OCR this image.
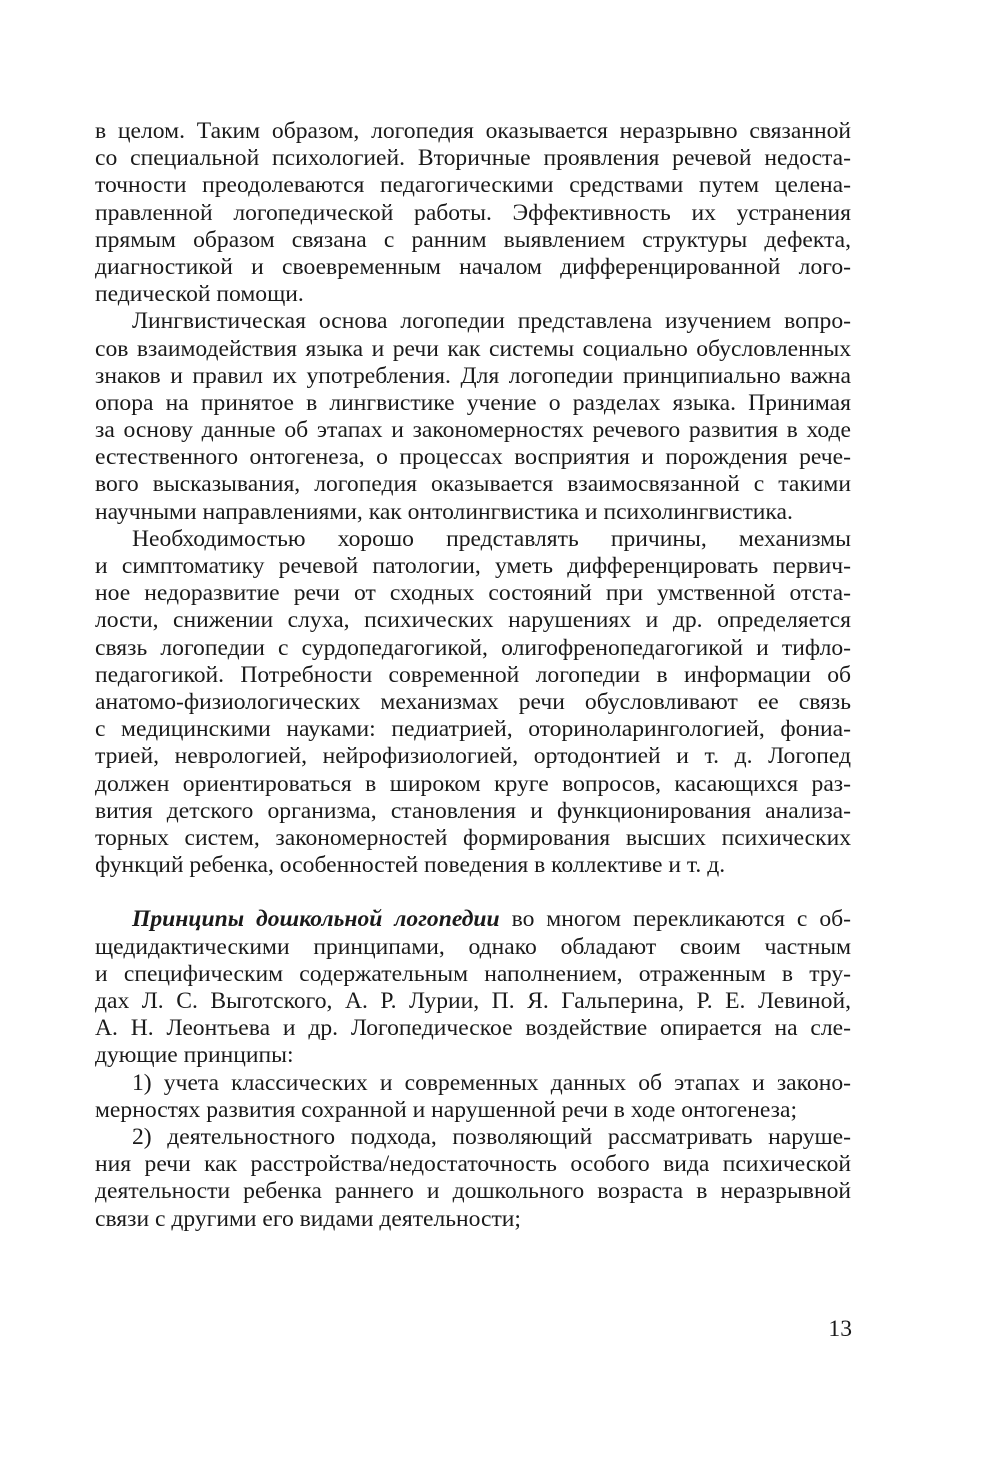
в целом. Таким образом, логопедия оказывается неразрывно связанной
со специальной психологией. Вторичные проявления речевой недоста-
точности преодолеваются педагогическими средствами путем целена-
правленной логопедической работы. Эффективность их устранения
прямым образом связана с ранним выявлением структуры дефекта,
диагностикой и своевременным началом дифференцированной лого-
педической помощи.
Лингвистическая основа логопедии представлена изучением вопро-
сов взаимодействия языка и речи как системы социально обусловленных
знаков и правил их употребления. Для логопедии принципиально важна
опора на принятое в лингвистике учение о разделах языка. Принимая
за основу данные об этапах и закономерностях речевого развития в ходе
естественного онтогенеза, о процессах восприятия и порождения рече-
вого высказывания, логопедия оказывается взаимосвязанной с такими
научными направлениями, как онтолингвистика и психолингвистика.
Необходимостью хорошо представлять причины, механизмы
и симптоматику речевой патологии, уметь дифференцировать первич-
ное недоразвитие речи от сходных состояний при умственной отста-
лости, снижении слуха, психических нарушениях и др. определяется
связь логопедии с сурдопедагогикой, олигофренопедагогикой и тифло-
педагогикой. Потребности современной логопедии в информации об
анатомо-физиологических механизмах речи обусловливают ее связь
с медицинскими науками: педиатрией, оториноларингологией, фониа-
трией, неврологией, нейрофизиологией, ортодонтией и т. д. Логопед
должен ориентироваться в широком круге вопросов, касающихся раз-
вития детского организма, становления и функционирования анализа-
торных систем, закономерностей формирования высших психических
функций ребенка, особенностей поведения в коллективе и т. д.
Принципы дошкольной логопедии во многом перекликаются с об-
щедидактическими принципами, однако обладают своим частным
и специфическим содержательным наполнением, отраженным в тру-
дах Л. С. Выготского, А. Р. Лурии, П. Я. Гальперина, Р. Е. Левиной,
А. Н. Леонтьева и др. Логопедическое воздействие опирается на сле-
дующие принципы:
1) учета классических и современных данных об этапах и законо-
мерностях развития сохранной и нарушенной речи в ходе онтогенеза;
2) деятельностного подхода, позволяющий рассматривать наруше-
ния речи как расстройства/недостаточность особого вида психической
деятельности ребенка раннего и дошкольного возраста в неразрывной
связи с другими его видами деятельности;
13
